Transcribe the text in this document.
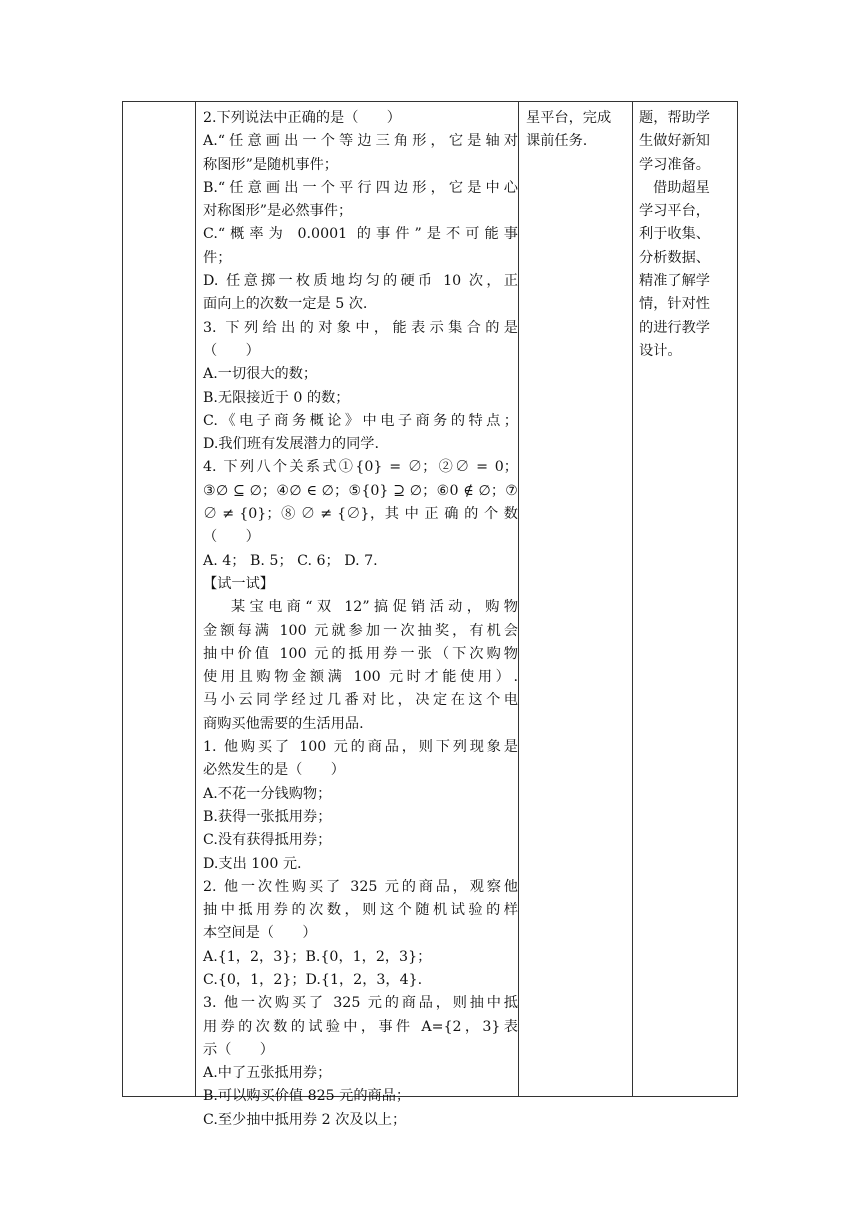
2.下列说法中正确的是（　　）
A.“任意画出一个等边三角形，它是轴对
称图形”是随机事件；
B.“任意画出一个平行四边形，它是中心
对称图形”是必然事件；
C.“概率为 0.0001 的事件”是不可能事
件；
D. 任意掷一枚质地均匀的硬币 10 次，正
面向上的次数一定是 5 次.
3. 下列给出的对象中，能表示集合的是
（　　）
A.一切很大的数；
B.无限接近于 0 的数；
C.《电子商务概论》中电子商务的特点；
D.我们班有发展潜力的同学.
4. 下列八个关系式①{0} = ∅；②∅ = 0；
③∅ ⊆ ∅；④∅ ∈ ∅；⑤{0} ⊇ ∅；⑥0 ∉ ∅；⑦
∅ ≠ {0}；⑧ ∅ ≠ {∅}，其 中 正 确 的 个 数
（　　）
A. 4； B. 5； C. 6； D. 7.
【试一试】
某宝电商“双 12”搞促销活动，购物
金额每满 100 元就参加一次抽奖，有机会
抽中价值 100 元的抵用券一张（下次购物
使用且购物金额满 100 元时才能使用）.
马小云同学经过几番对比，决定在这个电
商购买他需要的生活用品.
1. 他购买了 100 元的商品，则下列现象是
必然发生的是（　　）
A.不花一分钱购物；
B.获得一张抵用券；
C.没有获得抵用券；
D.支出 100 元.
2. 他一次性购买了 325 元的商品，观察他
抽中抵用券的次数，则这个随机试验的样
本空间是（　　）
A.{1，2，3}；B.{0，1，2，3}；
C.{0，1，2}；D.{1，2，3，4}.
3. 他一次购买了 325 元的商品，则抽中抵
用券的次数的试验中，事件 A={2，3}表
示（　　）
A.中了五张抵用券；
B.可以购买价值 825 元的商品；
C.至少抽中抵用券 2 次及以上；
星平台，完成
课前任务.
题，帮助学
生做好新知
学习准备。
借助超星
学习平台，
利于收集、
分析数据、
精准了解学
情，针对性
的进行教学
设计。
